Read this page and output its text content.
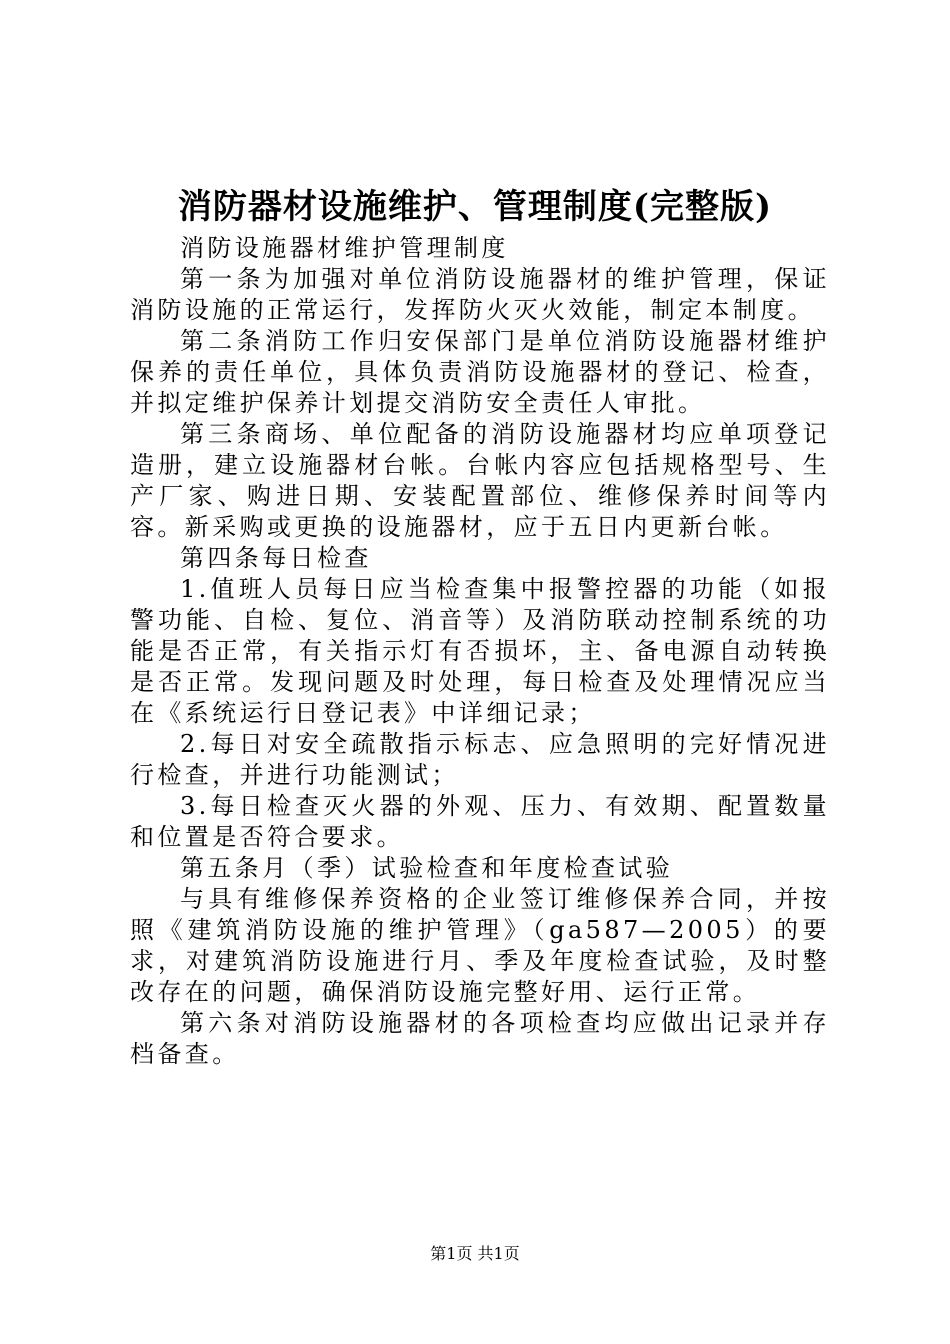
消防器材设施维护、管理制度(完整版)

消防设施器材维护管理制度

第一条为加强对单位消防设施器材的维护管理，保证消防设施的正常运行，发挥防火灭火效能，制定本制度。

第二条消防工作归安保部门是单位消防设施器材维护保养的责任单位，具体负责消防设施器材的登记、检查，并拟定维护保养计划提交消防安全责任人审批。

第三条商场、单位配备的消防设施器材均应单项登记造册，建立设施器材台帐。台帐内容应包括规格型号、生产厂家、购进日期、安装配置部位、维修保养时间等内容。新采购或更换的设施器材，应于五日内更新台帐。

第四条每日检查

1.值班人员每日应当检查集中报警控器的功能（如报警功能、自检、复位、消音等）及消防联动控制系统的功能是否正常，有关指示灯有否损坏，主、备电源自动转换是否正常。发现问题及时处理，每日检查及处理情况应当在《系统运行日登记表》中详细记录；

2.每日对安全疏散指示标志、应急照明的完好情况进行检查，并进行功能测试；

3.每日检查灭火器的外观、压力、有效期、配置数量和位置是否符合要求。

第五条月（季）试验检查和年度检查试验

与具有维修保养资格的企业签订维修保养合同，并按照《建筑消防设施的维护管理》（ga587—2005）的要求，对建筑消防设施进行月、季及年度检查试验，及时整改存在的问题，确保消防设施完整好用、运行正常。

第六条对消防设施器材的各项检查均应做出记录并存档备查。

第1页 共1页
